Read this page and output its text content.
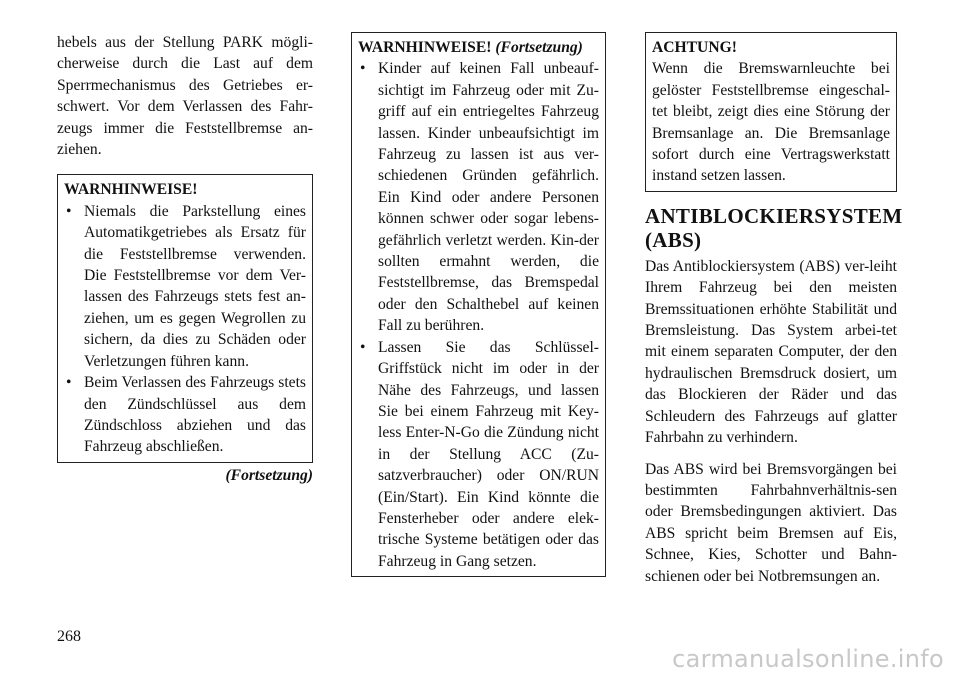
hebels aus der Stellung PARK mögli-cherweise durch die Last auf dem Sperrmechanismus des Getriebes er-schwert. Vor dem Verlassen des Fahr-zeugs immer die Feststellbremse an-ziehen.

WARNHINWEISE!
• Niemals die Parkstellung eines Automatikgetriebes als Ersatz für die Feststellbremse verwenden. Die Feststellbremse vor dem Ver-lassen des Fahrzeugs stets fest an-ziehen, um es gegen Wegrollen zu sichern, da dies zu Schäden oder Verletzungen führen kann.
• Beim Verlassen des Fahrzeugs stets den Zündschlüssel aus dem Zündschloss abziehen und das Fahrzeug abschließen.
(Fortsetzung)
WARNHINWEISE! (Fortsetzung)
• Kinder auf keinen Fall unbeauf-sichtigt im Fahrzeug oder mit Zu-griff auf ein entriegeltes Fahrzeug lassen. Kinder unbeaufsichtigt im Fahrzeug zu lassen ist aus ver-schiedenen Gründen gefährlich. Ein Kind oder andere Personen können schwer oder sogar lebens-gefährlich verletzt werden. Kin-der sollten ermahnt werden, die Feststellbremse, das Bremspedal oder den Schalthebel auf keinen Fall zu berühren.
• Lassen Sie das Schlüssel-Griffstück nicht im oder in der Nähe des Fahrzeugs, und lassen Sie bei einem Fahrzeug mit Key-less Enter-N-Go die Zündung nicht in der Stellung ACC (Zu-satzverbraucher) oder ON/RUN (Ein/Start). Ein Kind könnte die Fensterheber oder andere elek-trische Systeme betätigen oder das Fahrzeug in Gang setzen.
ACHTUNG!

Wenn die Bremswarnleuchte bei gelöster Feststellbremse eingeschal-tet bleibt, zeigt dies eine Störung der Bremsanlage an. Die Bremsanlage sofort durch eine Vertragswerkstatt instand setzen lassen.

ANTIBLOCKIERSYSTEM (ABS)

Das Antiblockiersystem (ABS) ver-leiht Ihrem Fahrzeug bei den meisten Bremssituationen erhöhte Stabilität und Bremsleistung. Das System arbei-tet mit einem separaten Computer, der den hydraulischen Bremsdruck dosiert, um das Blockieren der Räder und das Schleudern des Fahrzeugs auf glatter Fahrbahn zu verhindern.

Das ABS wird bei Bremsvorgängen bei bestimmten Fahrbahnverhältnis-sen oder Bremsbedingungen aktiviert. Das ABS spricht beim Bremsen auf Eis, Schnee, Kies, Schotter und Bahn-schienen oder bei Notbremsungen an.

268
carmanualsonline.info
